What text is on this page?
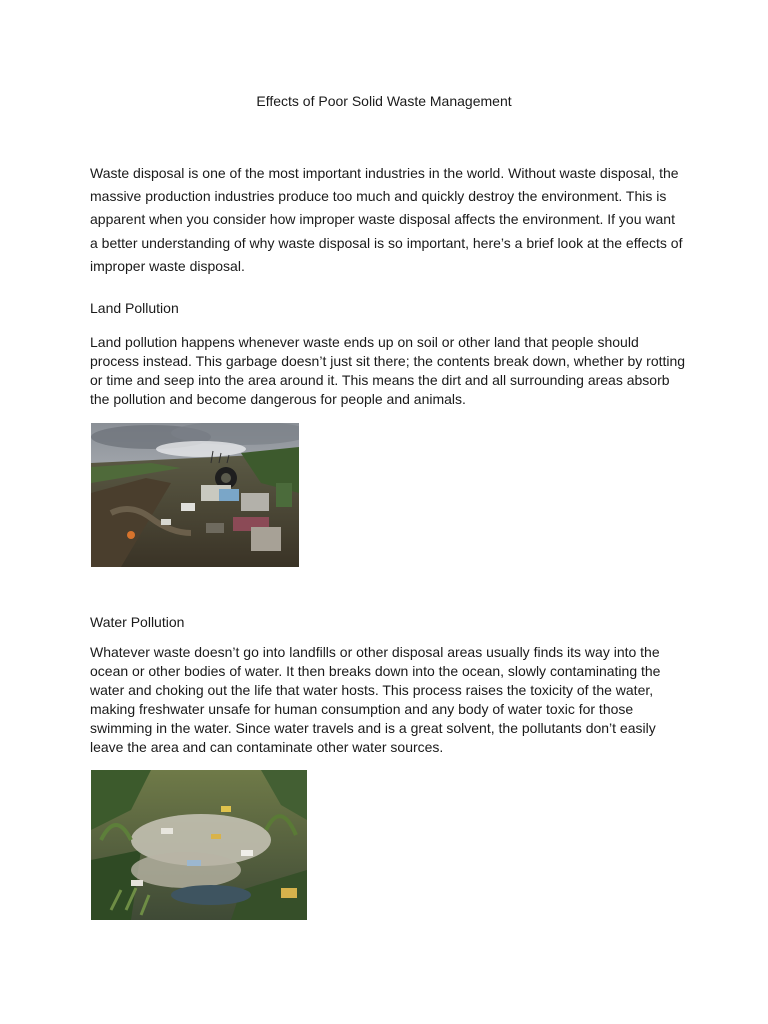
Effects of Poor Solid Waste Management

Waste disposal is one of the most important industries in the world. Without waste disposal, the massive production industries produce too much and quickly destroy the environment. This is apparent when you consider how improper waste disposal affects the environment. If you want a better understanding of why waste disposal is so important, here’s a brief look at the effects of improper waste disposal.

Land Pollution

Land pollution happens whenever waste ends up on soil or other land that people should process instead. This garbage doesn’t just sit there; the contents break down, whether by rotting or time and seep into the area around it. This means the dirt and all surrounding areas absorb the pollution and become dangerous for people and animals.

Water Pollution

Whatever waste doesn’t go into landfills or other disposal areas usually finds its way into the ocean or other bodies of water. It then breaks down into the ocean, slowly contaminating the water and choking out the life that water hosts. This process raises the toxicity of the water, making freshwater unsafe for human consumption and any body of water toxic for those swimming in the water. Since water travels and is a great solvent, the pollutants don’t easily leave the area and can contaminate other water sources.
